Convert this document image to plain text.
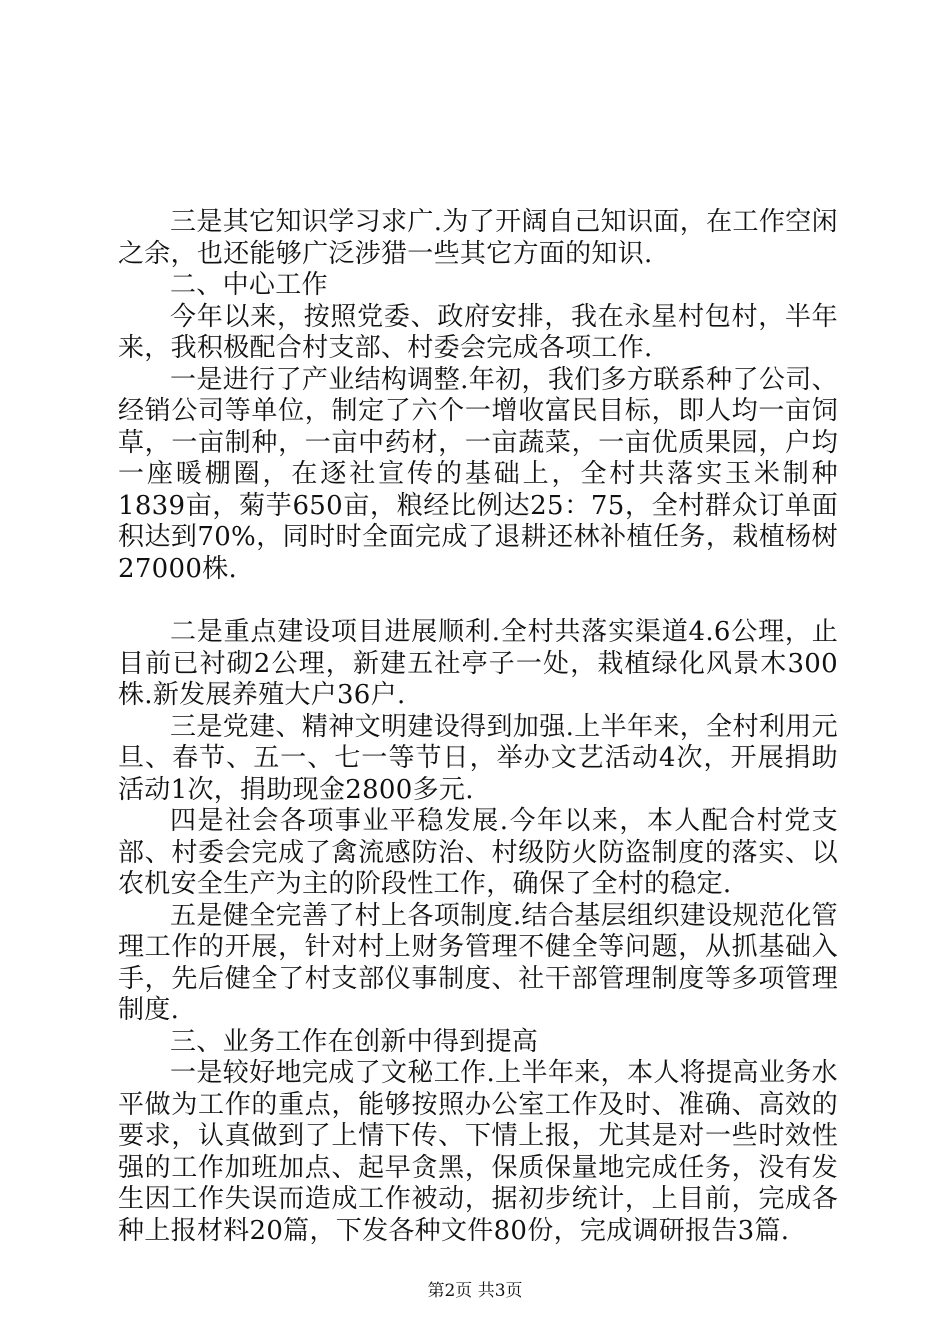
三是其它知识学习求广.为了开阔自己知识面，在工作空闲之余，也还能够广泛涉猎一些其它方面的知识.

二、中心工作

今年以来，按照党委、政府安排，我在永星村包村，半年来，我积极配合村支部、村委会完成各项工作.

一是进行了产业结构调整.年初，我们多方联系种了公司、经销公司等单位，制定了六个一增收富民目标，即人均一亩饲草，一亩制种，一亩中药材，一亩蔬菜，一亩优质果园，户均一座暖棚圈，在逐社宣传的基础上，全村共落实玉米制种1839亩，菊芋650亩，粮经比例达25：75，全村群众订单面积达到70%，同时时全面完成了退耕还林补植任务，栽植杨树27000株.

二是重点建设项目进展顺利.全村共落实渠道4.6公理，止目前已衬砌2公理，新建五社亭子一处，栽植绿化风景木300株.新发展养殖大户36户.

三是党建、精神文明建设得到加强.上半年来，全村利用元旦、春节、五一、七一等节日，举办文艺活动4次，开展捐助活动1次，捐助现金2800多元.

四是社会各项事业平稳发展.今年以来，本人配合村党支部、村委会完成了禽流感防治、村级防火防盗制度的落实、以农机安全生产为主的阶段性工作，确保了全村的稳定.

五是健全完善了村上各项制度.结合基层组织建设规范化管理工作的开展，针对村上财务管理不健全等问题，从抓基础入手，先后健全了村支部仪事制度、社干部管理制度等多项管理制度.

三、业务工作在创新中得到提高

一是较好地完成了文秘工作.上半年来，本人将提高业务水平做为工作的重点，能够按照办公室工作及时、准确、高效的要求，认真做到了上情下传、下情上报，尤其是对一些时效性强的工作加班加点、起早贪黑，保质保量地完成任务，没有发生因工作失误而造成工作被动，据初步统计，上目前，完成各种上报材料20篇，下发各种文件80份，完成调研报告3篇.

第2页 共3页
